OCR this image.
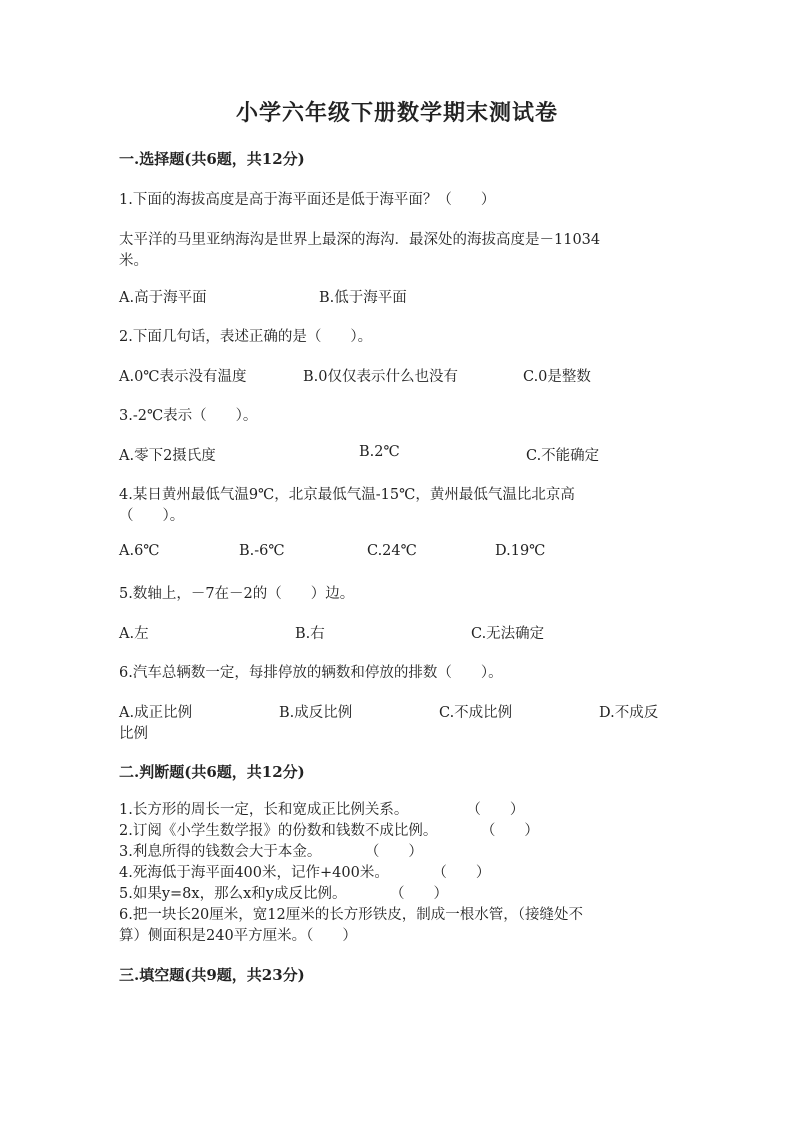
小学六年级下册数学期末测试卷
一.选择题(共6题，共12分)
1.下面的海拔高度是高于海平面还是低于海平面？（　　）
太平洋的马里亚纳海沟是世界上最深的海沟．最深处的海拔高度是－11034
米。
A.高于海平面	B.低于海平面
2.下面几句话，表述正确的是（　　）。
A.0℃表示没有温度	B.0仅仅表示什么也没有	C.0是整数
3.-2℃表示（　　）。
A.零下2摄氏度	B.2℃	C.不能确定
4.某日黄州最低气温9℃，北京最低气温-15℃，黄州最低气温比北京高
（　　）。
A.6℃	B.-6℃	C.24℃	D.19℃
5.数轴上，－7在－2的（　　）边。
A.左	B.右	C.无法确定
6.汽车总辆数一定，每排停放的辆数和停放的排数（　　）。
A.成正比例	B.成反比例	C.不成比例	D.不成反
比例
二.判断题(共6题，共12分)
1.长方形的周长一定，长和宽成正比例关系。　　　　　（　　）
2.订阅《小学生数学报》的份数和钱数不成比例。　　　　（　　）
3.利息所得的钱数会大于本金。　　　　（　　）
4.死海低于海平面400米，记作+400米。　　　　（　　）
5.如果y=8x，那么x和y成反比例。　　　　（　　）
6.把一块长20厘米，宽12厘米的长方形铁皮，制成一根水管，（接缝处不
算）侧面积是240平方厘米。（　　）
三.填空题(共9题，共23分)
